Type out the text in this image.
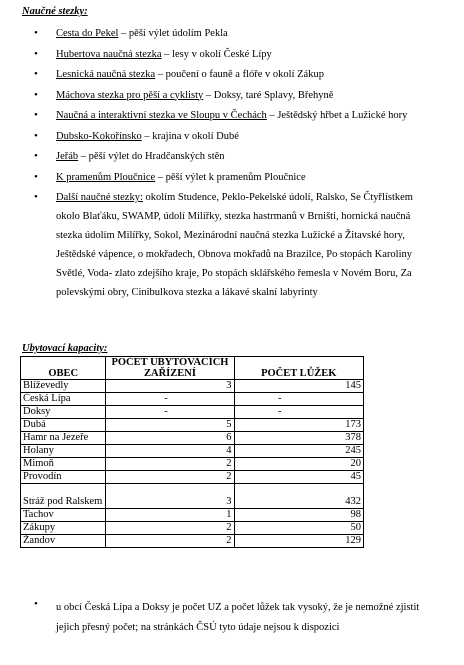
Naučné stezky:
• Cesta do Pekel – pěší výlet údolím Pekla
• Hubertova naučná stezka – lesy v okolí České Lípy
• Lesnická naučná stezka – poučení o fauně a flóře v okolí Zákup
• Máchova stezka pro pěší a cyklisty – Doksy, taré Splavy, Břehyně
• Naučná a interaktivní stezka ve Sloupu v Čechách – Ještědský hřbet a Lužické hory
• Dubsko-Kokořínsko – krajina v okolí Dubé
• Jeřáb – pěší výlet do Hradčanských stěn
• K pramenům Ploučnice – pěší výlet k pramenům Ploučnice
• Další naučné stezky: okolím Studence, Peklo-Pekelské údolí, Ralsko, Se Čtyřlístkem okolo Blaťáku, SWAMP, údolí Milířky, stezka hastrmanů v Brništi, hornická naučná stezka údolím Milířky, Sokol, Mezinárodní naučná stezka Lužické a Žitavské hory, Ještědské vápence, o mokřadech, Obnova mokřadů na Brazilce, Po stopách Karoliny Světlé, Voda- zlato zdejšího kraje, Po stopách sklářského řemesla v Novém Boru, Za polevskými obry, Cinibulkova stezka a lákavé skalní labyrinty
Ubytovací kapacity:
OBEC	POČET UBYTOVACÍCH ZAŘÍZENÍ	POČET LŮŽEK
Blíževedly	3	145
Česká Lípa	-	-
Doksy	-	-
Dubá	5	173
Hamr na Jezeře	6	378
Holany	4	245
Mimoň	2	20
Provodín	2	45
Stráž pod Ralskem	3	432
Tachov	1	98
Zákupy	2	50
Žandov	2	129
• u obcí Česká Lípa a Doksy je počet UZ a počet lůžek tak vysoký, že je nemožné zjistit jejich přesný počet; na stránkách ČSÚ tyto údaje nejsou k dispozici
